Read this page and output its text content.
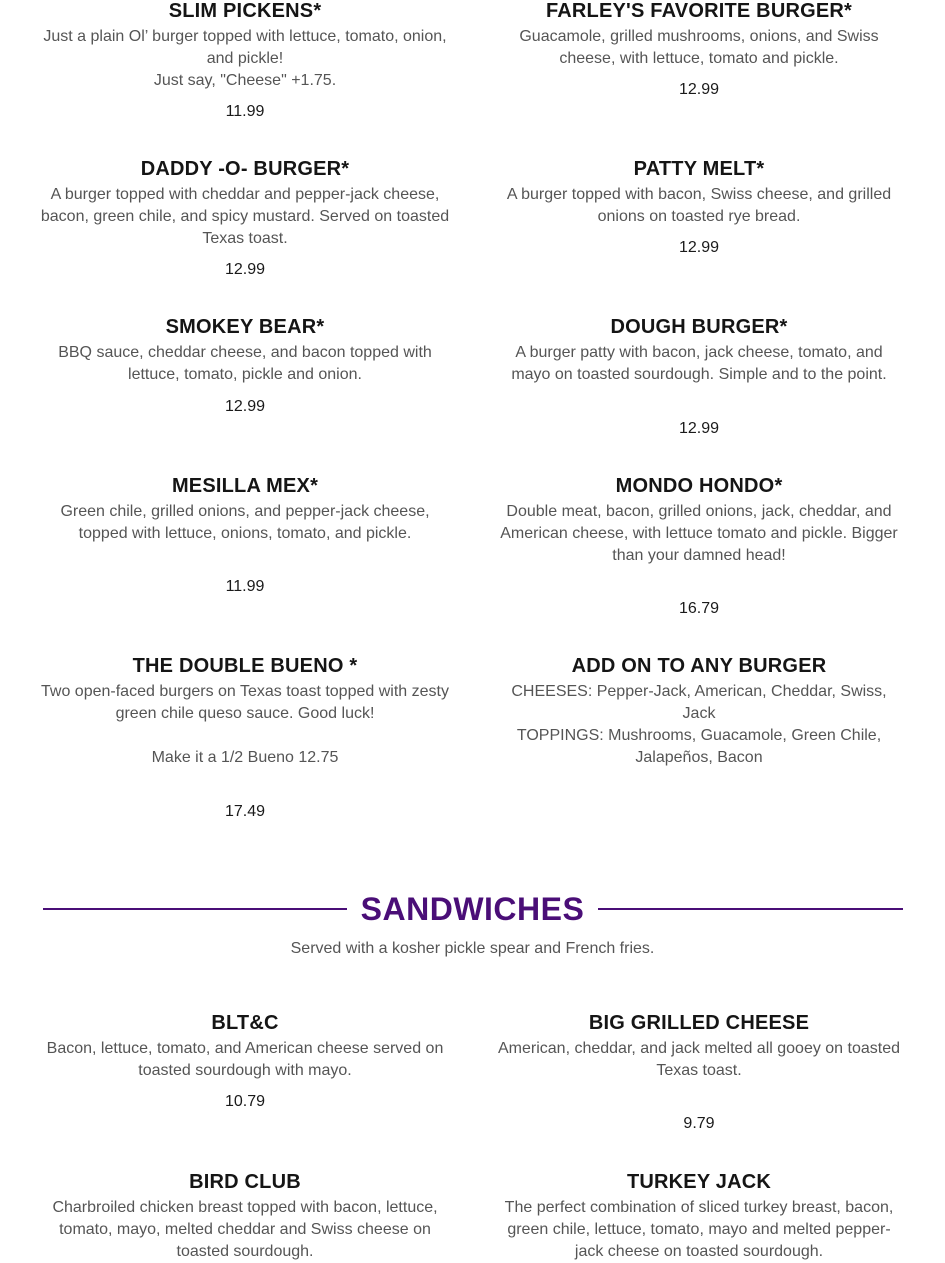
SLIM PICKENS*
Just a plain Ol’ burger topped with lettuce, tomato, onion, and pickle!
Just say, "Cheese" +1.75.
11.99
FARLEY'S FAVORITE BURGER*
Guacamole, grilled mushrooms, onions, and Swiss cheese, with lettuce, tomato and pickle.
12.99
DADDY -O- BURGER*
A burger topped with cheddar and pepper-jack cheese, bacon, green chile, and spicy mustard. Served on toasted Texas toast.
12.99
PATTY MELT*
A burger topped with bacon, Swiss cheese, and grilled onions on toasted rye bread.
12.99
SMOKEY BEAR*
BBQ sauce, cheddar cheese, and bacon topped with lettuce, tomato, pickle and onion.
12.99
DOUGH BURGER*
A burger patty with bacon, jack cheese, tomato, and mayo on toasted sourdough. Simple and to the point.
12.99
MESILLA MEX*
Green chile, grilled onions, and pepper-jack cheese, topped with lettuce, onions, tomato, and pickle.
11.99
MONDO HONDO*
Double meat, bacon, grilled onions, jack, cheddar, and American cheese, with lettuce tomato and pickle. Bigger than your damned head!
16.79
THE DOUBLE BUENO *
Two open-faced burgers on Texas toast topped with zesty green chile queso sauce. Good luck!

Make it a 1/2 Bueno 12.75
17.49
ADD ON TO ANY BURGER
CHEESES: Pepper-Jack, American, Cheddar, Swiss, Jack
TOPPINGS: Mushrooms, Guacamole, Green Chile, Jalapeños, Bacon
SANDWICHES
Served with a kosher pickle spear and French fries.
BLT&C
Bacon, lettuce, tomato, and American cheese served on toasted sourdough with mayo.
10.79
BIG GRILLED CHEESE
American, cheddar, and jack melted all gooey on toasted Texas toast.
9.79
BIRD CLUB
Charbroiled chicken breast topped with bacon, lettuce, tomato, mayo, melted cheddar and Swiss cheese on toasted sourdough.
TURKEY JACK
The perfect combination of sliced turkey breast, bacon, green chile, lettuce, tomato, mayo and melted pepper-jack cheese on toasted sourdough.
